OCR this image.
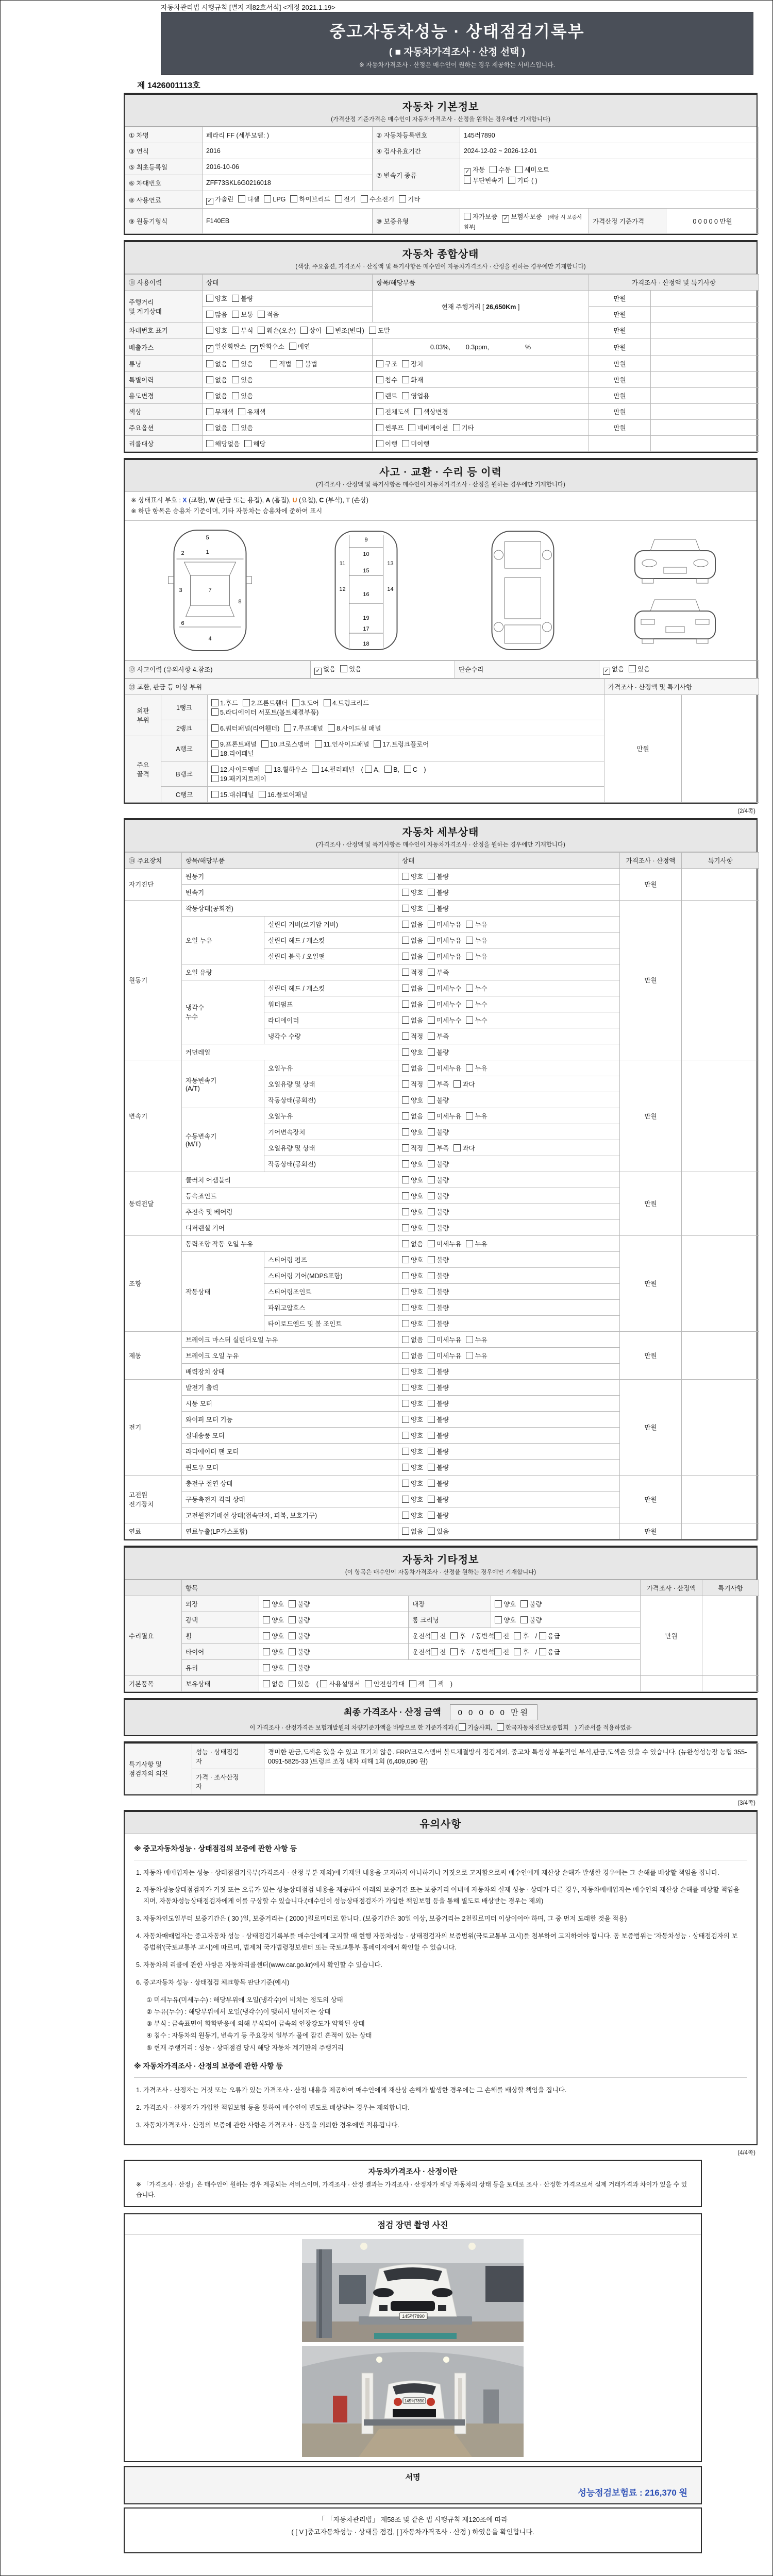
자동차관리법 시행규칙 [별지 제82호서식] <개정 2021.1.19>
중고자동차성능 · 상태점검기록부
( ■ 자동차가격조사 · 산정 선택 )
※ 자동차가격조사 · 산정은 매수인이 원하는 경우 제공하는 서비스입니다.
제 1426001113호
자동차 기본정보
(가격산정 기준가격은 매수인이 자동차가격조사 · 산정을 원하는 경우에만 기재합니다)
① 차명	페라리 FF (세부모델: )	② 자동차등록번호	145러7890		
③ 연식	2016	④ 검사유효기간	2024-12-02 ~ 2026-12-01		
⑤ 최초등록일	2016-10-06	⑦ 변속기 종류	✓ 자동 수동 세미오토
무단변속기 기타 ( )		
⑥ 차대번호	ZFF73SKL6G0216018				
⑧ 사용연료	✓ 가솔린 디젤 LPG 하이브리드 전기 수소전기 기타				
⑨ 원동기형식	F140EB	⑩ 보증유형	자가보증 ✓ 보험사보증 [해당 시 보증서 첨부]	가격산정 기준가격	0 0 0 0 0 만원
자동차 종합상태
(색상, 주요옵션, 가격조사 · 산정액 및 특기사항은 매수인이 자동차가격조사 · 산정을 원하는 경우에만 기재합니다)
⑪ 사용이력	상태	항목/해당부품	가격조사 · 산정액 및 특기사항	
주행거리
및 계기상태	양호 불량	현재 주행거리 [ 26,650Km ]	만원	
	많음 보통 적음		만원	
차대번호 표기	양호 부식 훼손(오손) 상이 변조(변타) 도말		만원	
배출가스	✓ 일산화탄소 ✓ 탄화수소 매연	0.03%, 0.3ppm, %	만원	
튜닝	없음 있음 적법 불법	구조 장치	만원	
특별이력	없음 있음	침수 화재	만원	
용도변경	없음 있음	렌트 영업용	만원	
색상	무채색 유채색	전체도색 색상변경	만원	
주요옵션	없음 있음	썬루프 네비게이션 기타	만원	
리콜대상	해당없음 해당	이행 미이행		
사고 · 교환 · 수리 등 이력
(가격조사 · 산정액 및 특기사항은 매수인이 자동차가격조사 · 산정을 원하는 경우에만 기재합니다)
※ 상태표시 부호 : X (교환), W (판금 또는 용접), A (흠집), U (요철), C (부식), T (손상)
※ 하단 항목은 승용차 기준이며, 기타 자동차는 승용차에 준하여 표시
5
1
2
3	7
8
6
4
9
10
11
12
13
14
15
16
19
17
18
⑫ 사고이력 (유의사항 4.참조)	✓ 없음 있음	단순수리	✓ 없음 있음
⑬ 교환, 판금 등 이상 부위			가격조사 · 산정액 및 특기사항	
외판
부위	1랭크	1.후드 2.프론트휀더 3.도어 4.트렁크리드
5.라디에이터 서포트(볼트체결부품)	만원	
	2랭크	6.쿼터패널(리어휀더) 7.루프패널 8.사이드실 패널		
주요
골격	A랭크	9.프론트패널 10.크로스멤버 11.인사이드패널 17.트렁크플로어
18.리어패널		
	B랭크	12.사이드멤버 13.휠하우스 14.필러패널 ( A, B, C )
19.패키지트레이		
	C랭크	15.대쉬패널 16.플로어패널		
(2/4쪽)
자동차 세부상태
(가격조사 · 산정액 및 특기사항은 매수인이 자동차가격조사 · 산정을 원하는 경우에만 기재합니다)
⑭ 주요장치	항목/해당부품		상태	가격조사 · 산정액	특기사항
자기진단	원동기		양호 불량	만원	
	변속기		양호 불량		
원동기	작동상태(공회전)		양호 불량	만원	
	오일 누유	실린더 커버(로커암 커버)	없음 미세누유 누유		
		실린더 헤드 / 개스킷	없음 미세누유 누유		
		실린더 블록 / 오일팬	없음 미세누유 누유		
	오일 유량		적정 부족		
	냉각수
누수	실린더 헤드 / 개스킷	없음 미세누수 누수		
		워터펌프	없음 미세누수 누수		
		라디에이터	없음 미세누수 누수		
		냉각수 수량	적정 부족		
	커먼레일		양호 불량		
변속기	자동변속기
(A/T)	오일누유	없음 미세누유 누유	만원	
		오일유량 및 상태	적정 부족 과다		
		작동상태(공회전)	양호 불량		
	수동변속기
(M/T)	오일누유	없음 미세누유 누유		
		기어변속장치	양호 불량		
		오일유량 및 상태	적정 부족 과다		
		작동상태(공회전)	양호 불량		
동력전달	클러치 어셈블리		양호 불량	만원	
	등속죠인트		양호 불량		
	추진축 및 베어링		양호 불량		
	디퍼렌셜 기어		양호 불량		
조향	동력조향 작동 오일 누유		없음 미세누유 누유	만원	
	작동상태	스티어링 펌프	양호 불량		
		스티어링 기어(MDPS포함)	양호 불량		
		스티어링조인트	양호 불량		
		파워고압호스	양호 불량		
		타이로드엔드 및 볼 조인트	양호 불량		
제동	브레이크 마스터 실린더오일 누유		없음 미세누유 누유	만원	
	브레이크 오일 누유		없음 미세누유 누유		
	배력장치 상태		양호 불량		
전기	발전기 출력		양호 불량	만원	
	시동 모터		양호 불량		
	와이퍼 모터 기능		양호 불량		
	실내송풍 모터		양호 불량		
	라디에이터 팬 모터		양호 불량		
	윈도우 모터		양호 불량		
고전원
전기장치	충전구 절연 상태		양호 불량	만원	
	구동축전지 격리 상태		양호 불량		
	고전원전기배선 상태(접속단자, 피복, 보호기구)		양호 불량		
연료	연료누출(LP가스포함)		없음 있음	만원	
자동차 기타정보
(이 항목은 매수인이 자동차가격조사 · 산정을 원하는 경우에만 기재합니다)
	항목				가격조사 · 산정액	특기사항
수리필요	외장	양호 불량	내장	양호 불량	만원	
	광택	양호 불량	룸 크리닝	양호 불량		
	휠	양호 불량	운전석 전 후 / 동반석 전 후 / 응급			
	타이어	양호 불량	운전석 전 후 / 동반석 전 후 / 응급			
	유리	양호 불량				
기본품목	보유상태	없음 있음 ( 사용설명서 안전삼각대 잭 잭 )				
최종 가격조사 · 산정 금액 0 0 0 0 0 만원
이 가격조사 · 산정가격은 보험개발원의 차량기준가액을 바탕으로 한 기준가격과 ( 기술사회, 한국자동차진단보증협회 ) 기준서를 적용하였음
특기사항 및
점검자의 의견	성능 · 상태점검
자	경미한 판금,도색은 있을 수 있고 표기치 않음. FRP/크로스멤버 볼트체결방식 점검제외. 중고차 특성상 부분적인 부식,판금,도색은 있을 수 있습니다. (뉴완성성능장 농협 355-0091-5825-33 )트렁크 조정 내차 피해 1회 (6,409,090 원)
	가격 · 조사산정
자	
(3/4쪽)
유의사항

※ 중고자동차성능 · 상태점검의 보증에 관한 사항 등

1. 자동차 매매업자는 성능 · 상태점검기록부(가격조사 · 산정 부분 제외)에 기재된 내용을 고지하지 아니하거나 거짓으로 고지함으로써 매수인에게 재산상 손해가 발생한 경우에는 그 손해를 배상할 책임을 집니다.

2. 자동차성능상태점검자가 거짓 또는 오류가 있는 성능상태점검 내용을 제공하여 아래의 보증기간 또는 보증거리 이내에 자동차의 실제 성능 · 상태가 다른 경우, 자동차매매업자는 매수인의 재산상 손해를 배상할 책임을 지며, 자동차성능상태점검자에게 이를 구상할 수 있습니다.(매수인이 성능상태점검자가 가입한 책임보험 등을 통해 별도로 배상받는 경우는 제외)

3. 자동차인도일부터 보증기간은 ( 30 )일, 보증거리는 ( 2000 )킬로미터로 합니다. (보증기간은 30일 이상, 보증거리는 2천킬로미터 이상이어야 하며, 그 중 먼저 도래한 것을 적용)

4. 자동차매매업자는 중고자동차 성능 · 상태점검기록부를 매수인에게 고지할 때 현행 자동차성능 · 상태점검자의 보증범위(국토교통부 고시)를 첨부하여 고지하여야 합니다. 동 보증범위는 '자동차성능 · 상태점검자의 보증범위'(국토교통부 고시)에 따르며, 법제처 국가법령정보센터 또는 국토교통부 홈페이지에서 확인할 수 있습니다.

5. 자동차의 리콜에 관한 사항은 자동차리콜센터(www.car.go.kr)에서 확인할 수 있습니다.

6. 중고자동차 성능 · 상태점검 체크항목 판단기준(예시)

① 미세누유(미세누수) : 해당부위에 오일(냉각수)이 비치는 정도의 상태

② 누유(누수) : 해당부위에서 오일(냉각수)이 맺혀서 떨어지는 상태

③ 부식 : 금속표면이 화학반응에 의해 부식되어 금속의 인장강도가 약화된 상태

④ 침수 : 자동차의 원동기, 변속기 등 주요장치 일부가 물에 잠긴 흔적이 있는 상태

⑤ 현재 주행거리 : 성능 · 상태점검 당시 해당 자동차 계기판의 주행거리

※ 자동차가격조사 · 산정의 보증에 관한 사항 등

1. 가격조사 · 산정자는 거짓 또는 오류가 있는 가격조사 · 산정 내용을 제공하여 매수인에게 재산상 손해가 발생한 경우에는 그 손해를 배상할 책임을 집니다.

2. 가격조사 · 산정자가 가입한 책임보험 등을 통하여 매수인이 별도로 배상받는 경우는 제외합니다.

3. 자동차가격조사 · 산정의 보증에 관한 사항은 가격조사 · 산정을 의뢰한 경우에만 적용됩니다.

(4/4쪽)
자동차가격조사 · 산정이란
※ 「가격조사 · 산정」은 매수인이 원하는 경우 제공되는 서비스이며, 가격조사 · 산정 결과는 가격조사 · 산정자가 해당 자동차의 상태 등을 토대로 조사 · 산정한 가격으로서 실제 거래가격과 차이가 있을 수 있습니다.
점검 장면 촬영 사진
145러7890
145러7890
서명
성능점검보험료 : 216,370 원
「 「자동차관리법」 제58조 및 같은 법 시행규칙 제120조에 따라
( [ V ]중고자동차성능 · 상태를 점검, [ ]자동차가격조사 · 산정 ) 하였음을 확인합니다.
